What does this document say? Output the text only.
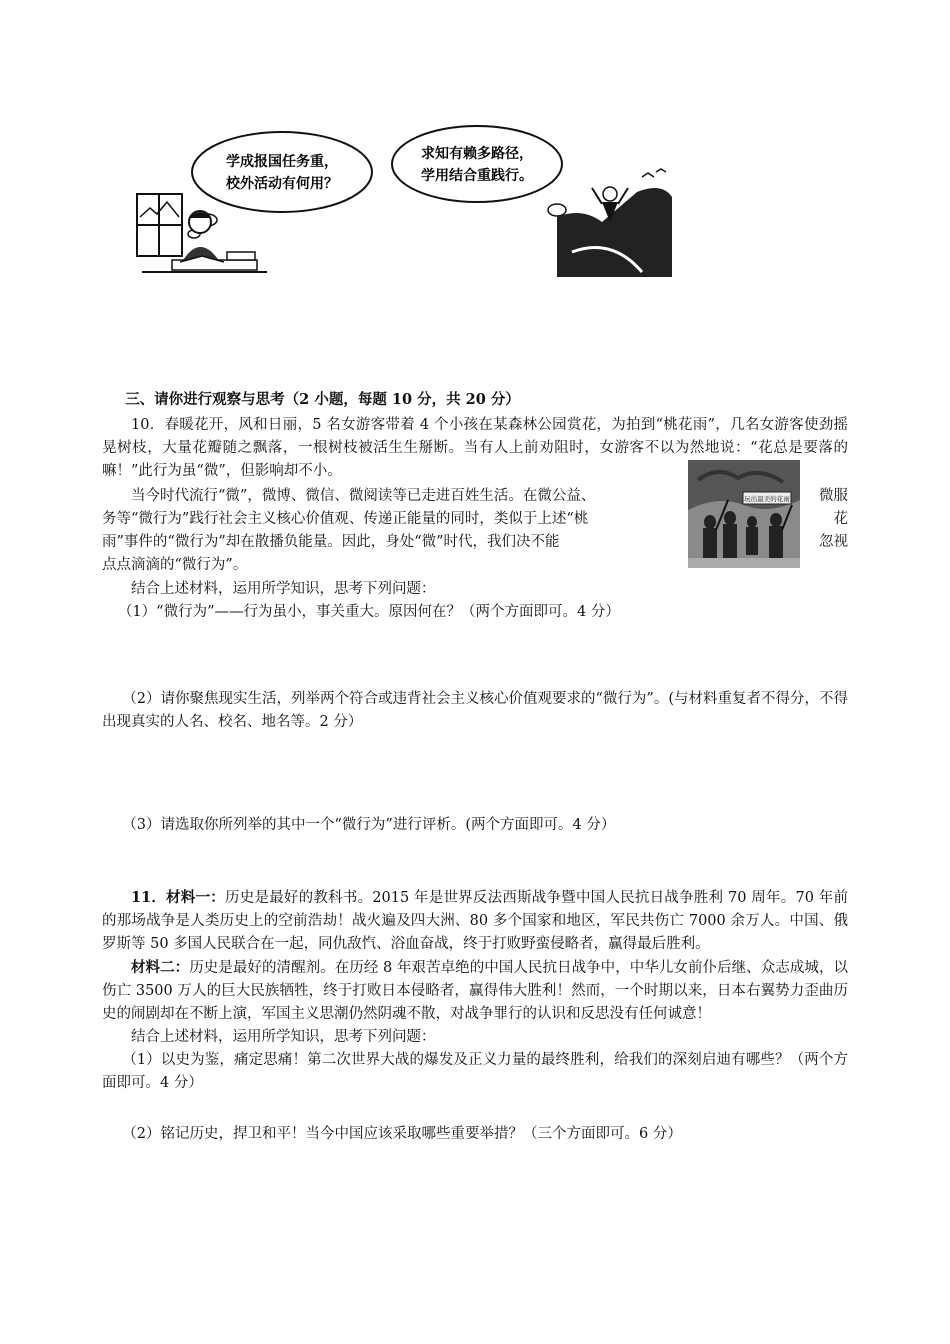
学成报国任务重，
校外活动有何用？
求知有赖多路径，
学用结合重践行。

三、请你进行观察与思考（2 小题，每题 10 分，共 20 分）

10．春暖花开，风和日丽，5 名女游客带着 4 个小孩在某森林公园赏花，为拍到“桃花雨”，几名女游客使劲摇晃树枝，大量花瓣随之飘落，一根树枝被活生生掰断。当有人上前劝阻时，女游客不以为然地说：“花总是要落的嘛！”此行为虽“微”，但影响却不小。

当今时代流行“微”，微博、微信、微阅读等已走进百姓生活。在微公益、	微服
务等“微行为”践行社会主义核心价值观、传递正能量的同时，类似于上述“桃	花
雨”事件的“微行为”却在散播负能量。因此，身处“微”时代，我们决不能	忽视
点点滴滴的“微行为”。
玩出最美的花雨

结合上述材料，运用所学知识，思考下列问题：

（1）“微行为”——行为虽小，事关重大。原因何在？（两个方面即可。4 分）

（2）请你聚焦现实生活，列举两个符合或违背社会主义核心价值观要求的“微行为”。(与材料重复者不得分，不得出现真实的人名、校名、地名等。2 分）

（3）请选取你所列举的其中一个“微行为”进行评析。(两个方面即可。4 分）

11．材料一：历史是最好的教科书。2015 年是世界反法西斯战争暨中国人民抗日战争胜利 70 周年。70 年前的那场战争是人类历史上的空前浩劫！战火遍及四大洲、80 多个国家和地区，军民共伤亡 7000 余万人。中国、俄罗斯等 50 多国人民联合在一起，同仇敌忾、浴血奋战，终于打败野蛮侵略者，赢得最后胜利。

材料二：历史是最好的清醒剂。在历经 8 年艰苦卓绝的中国人民抗日战争中，中华儿女前仆后继、众志成城，以伤亡 3500 万人的巨大民族牺牲，终于打败日本侵略者，赢得伟大胜利！然而，一个时期以来，日本右翼势力歪曲历史的闹剧却在不断上演，军国主义思潮仍然阴魂不散，对战争罪行的认识和反思没有任何诚意！

结合上述材料，运用所学知识，思考下列问题：

（1）以史为鉴，痛定思痛！第二次世界大战的爆发及正义力量的最终胜利，给我们的深刻启迪有哪些？（两个方面即可。4 分）

（2）铭记历史，捍卫和平！当今中国应该采取哪些重要举措？（三个方面即可。6 分）
